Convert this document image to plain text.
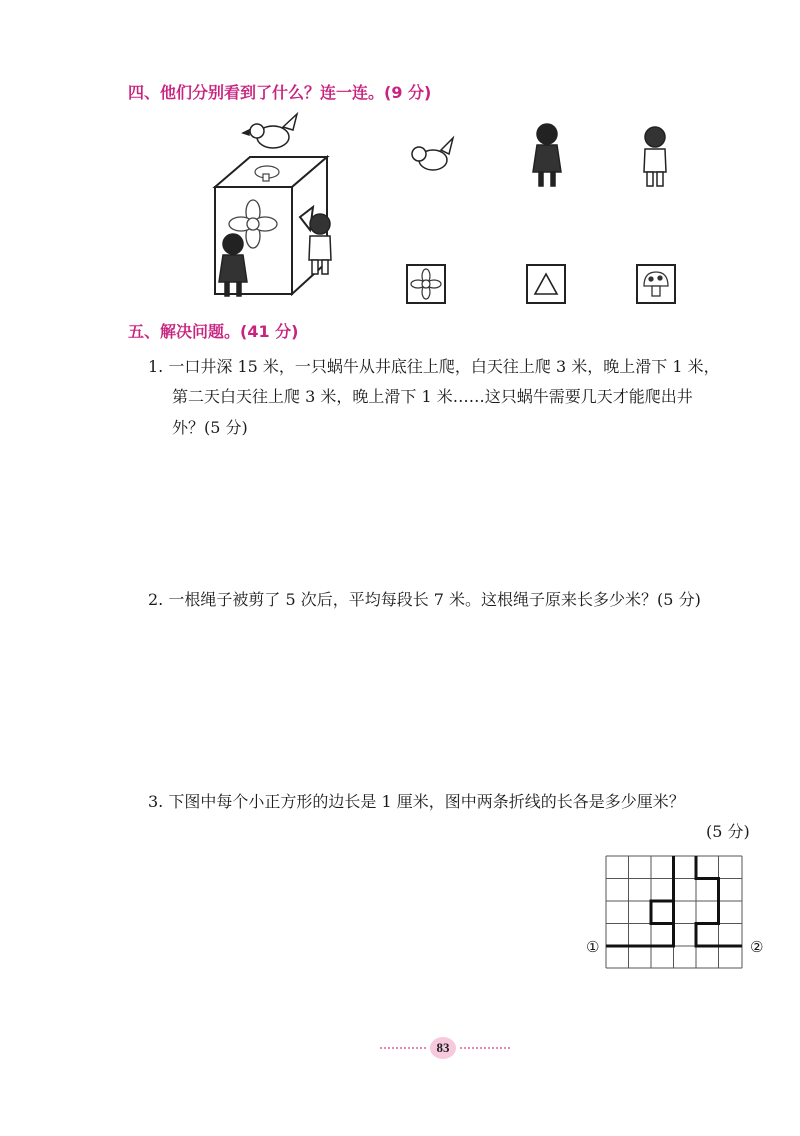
四、他们分别看到了什么？连一连。(9 分)
五、解决问题。(41 分)
1. 一口井深 15 米，一只蜗牛从井底往上爬，白天往上爬 3 米，晚上滑下 1 米，
第二天白天往上爬 3 米，晚上滑下 1 米……这只蜗牛需要几天才能爬出井
外？(5 分)
2. 一根绳子被剪了 5 次后，平均每段长 7 米。这根绳子原来长多少米？(5 分)
3. 下图中每个小正方形的边长是 1 厘米，图中两条折线的长各是多少厘米？
(5 分)
①	②
83
